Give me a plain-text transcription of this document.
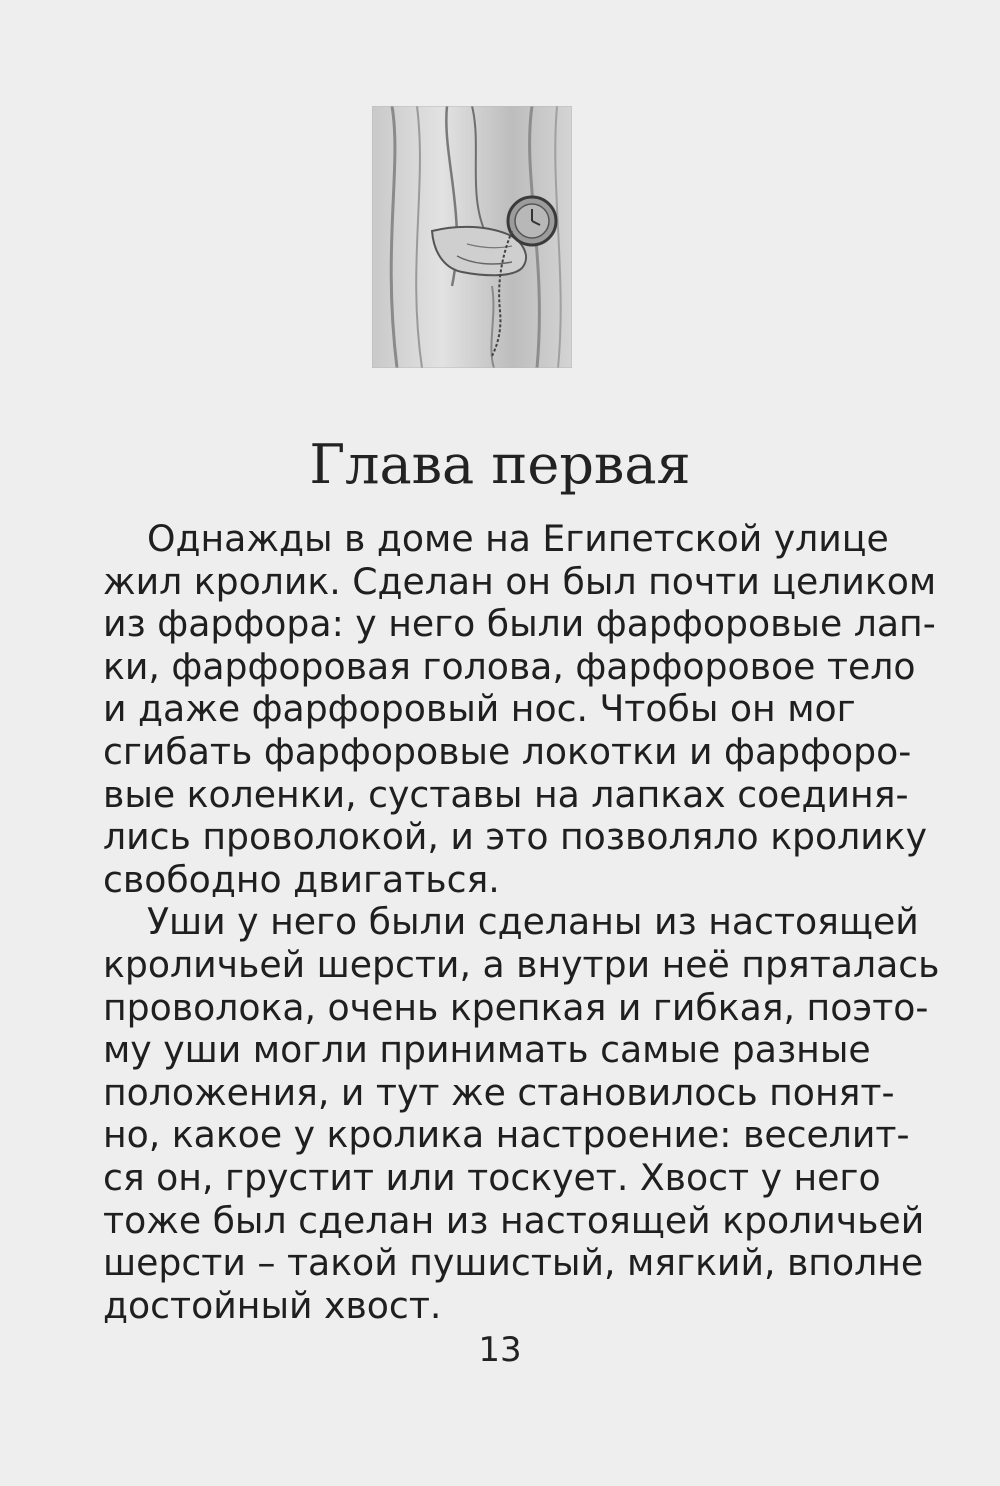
Глава первая
Однажды в доме на Египетской улице
жил кролик. Сделан он был почти целиком
из фарфора: у него были фарфоровые лап-
ки, фарфоровая голова, фарфоровое тело
и даже фарфоровый нос. Чтобы он мог
сгибать фарфоровые локотки и фарфоро-
вые коленки, суставы на лапках соединя-
лись проволокой, и это позволяло кролику
свободно двигаться.
Уши у него были сделаны из настоящей
кроличьей шерсти, а внутри неё пряталась
проволока, очень крепкая и гибкая, поэто-
му уши могли принимать самые разные
положения, и тут же становилось понят-
но, какое у кролика настроение: веселит-
ся он, грустит или тоскует. Хвост у него
тоже был сделан из настоящей кроличьей
шерсти – такой пушистый, мягкий, вполне
достойный хвост.
13
